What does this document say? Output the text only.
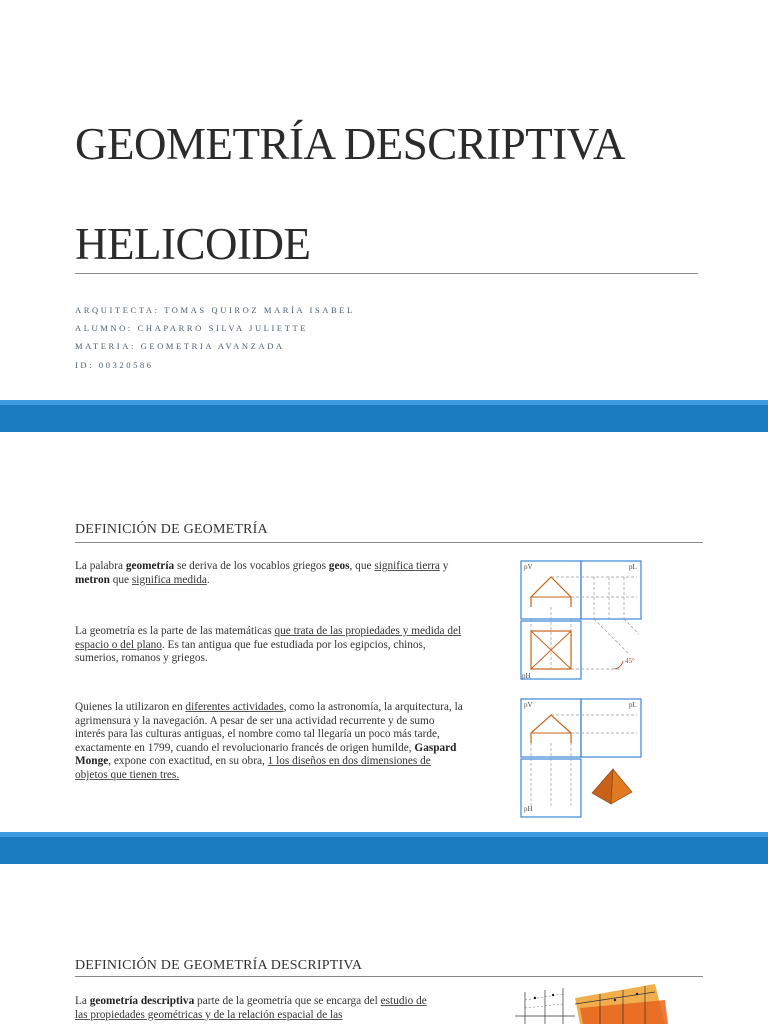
GEOMETRÍA DESCRIPTIVA
HELICOIDE
ARQUITECTA: TOMAS QUIROZ MARÍA ISABEL
ALUMNO: CHAPARRO SILVA JULIETTE
MATERIA: GEOMETRIA AVANZADA
ID: 00320586
DEFINICIÓN DE GEOMETRÍA
La palabra geometría se deriva de los vocablos griegos geos, que significa tierra y metron que significa medida.
La geometría es la parte de las matemáticas que trata de las propiedades y medida del espacio o del plano. Es tan antigua que fue estudiada por los egipcios, chinos, sumerios, romanos y griegos.
Quienes la utilizaron en diferentes actividades, como la astronomía, la arquitectura, la agrimensura y la navegación. A pesar de ser una actividad recurrente y de sumo interés para las culturas antiguas, el nombre como tal llegaría un poco más tarde, exactamente en 1799, cuando el revolucionario francés de origen humilde, Gaspard Monge, expone con exactitud, en su obra, 1 los diseños en dos dimensiones de objetos que tienen tres.
45°
pV	pL
pH
pV	pL
pH
DEFINICIÓN DE GEOMETRÍA DESCRIPTIVA
La geometría descriptiva parte de la geometría que se encarga del estudio de las propiedades geométricas y de la relación espacial de las
